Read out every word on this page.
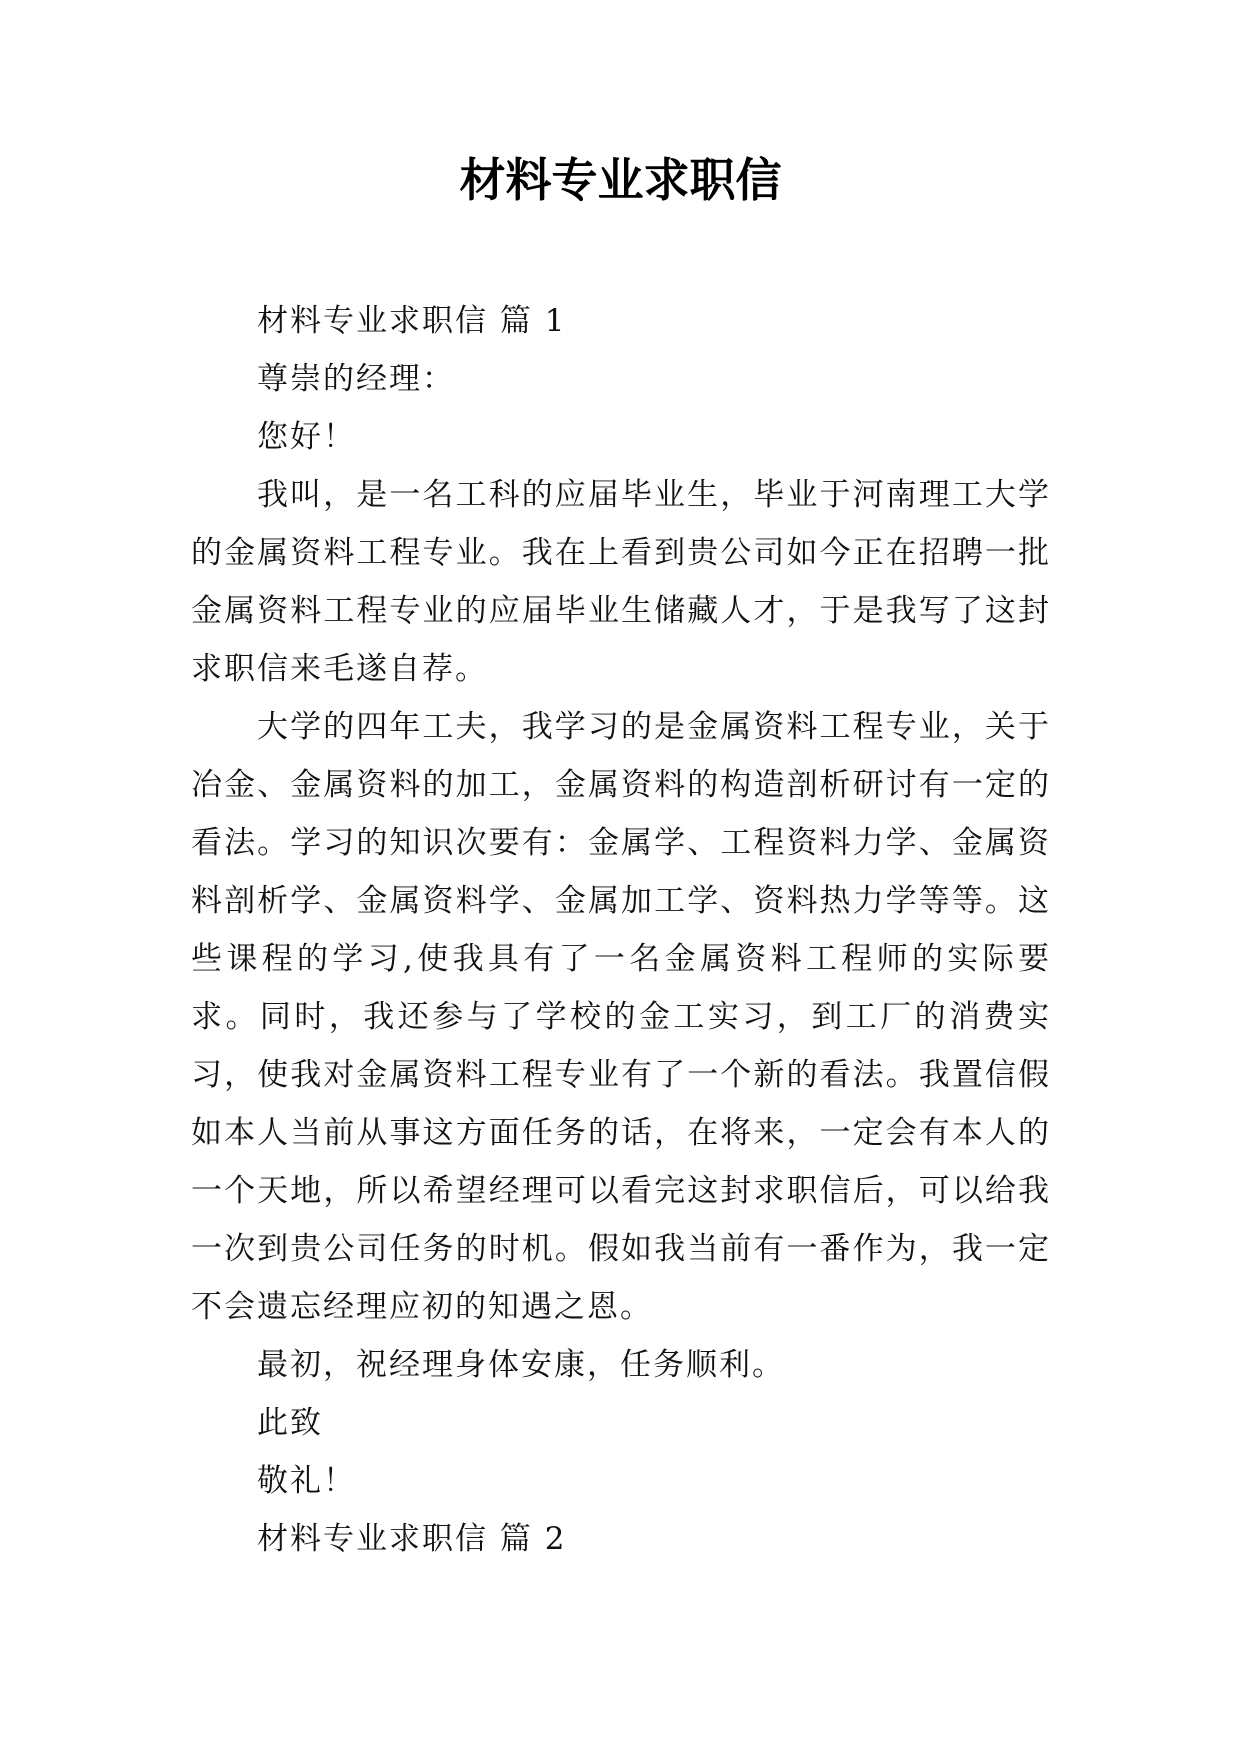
材料专业求职信

材料专业求职信 篇 1

尊崇的经理：

您好！

我叫，是一名工科的应届毕业生，毕业于河南理工大学的金属资料工程专业。我在上看到贵公司如今正在招聘一批金属资料工程专业的应届毕业生储藏人才，于是我写了这封求职信来毛遂自荐。

大学的四年工夫，我学习的是金属资料工程专业，关于冶金、金属资料的加工，金属资料的构造剖析研讨有一定的看法。学习的知识次要有：金属学、工程资料力学、金属资料剖析学、金属资料学、金属加工学、资料热力学等等。这些课程的学习,使我具有了一名金属资料工程师的实际要求。同时，我还参与了学校的金工实习，到工厂的消费实习，使我对金属资料工程专业有了一个新的看法。我置信假如本人当前从事这方面任务的话，在将来，一定会有本人的一个天地，所以希望经理可以看完这封求职信后，可以给我一次到贵公司任务的时机。假如我当前有一番作为，我一定不会遗忘经理应初的知遇之恩。

最初，祝经理身体安康，任务顺利。

此致

敬礼！

材料专业求职信 篇 2
